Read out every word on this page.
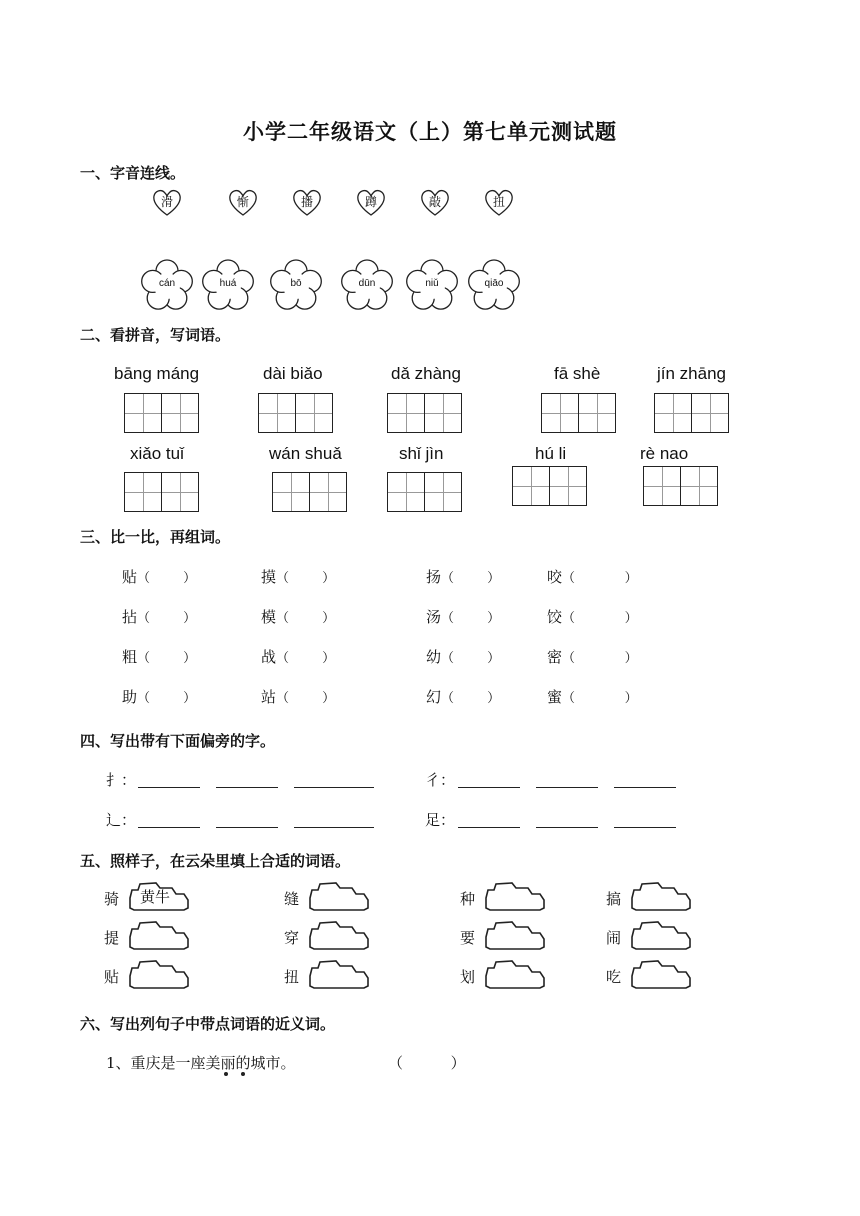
小学二年级语文（上）第七单元测试题
一、字音连线。
滑	惭	播	蹲	敲	扭
cán	huá	bō	dūn	niǔ	qiāo
二、看拼音，写词语。
bāng máng	dài biǎo	dǎ zhàng	fā shè	jín zhāng
xiǎo tuǐ	wán shuǎ	shǐ jìn	hú li	rè nao
三、比一比，再组词。
贴（        ）	摸（        ）	扬（        ）	咬（            ）
拈（        ）	模（        ）	汤（        ）	饺（            ）
粗（        ）	战（        ）	幼（        ）	密（            ）
助（        ）	站（        ）	幻（        ）	蜜（            ）
四、写出带有下面偏旁的字。
扌：	彳：
辶：	足：
五、照样子，在云朵里填上合适的词语。
骑 黄牛	缝	种	搞
提	穿	要	闹
贴	扭	划	吃
六、写出列句子中带点词语的近义词。
1、重庆是一座美丽的城市。	（          ）
